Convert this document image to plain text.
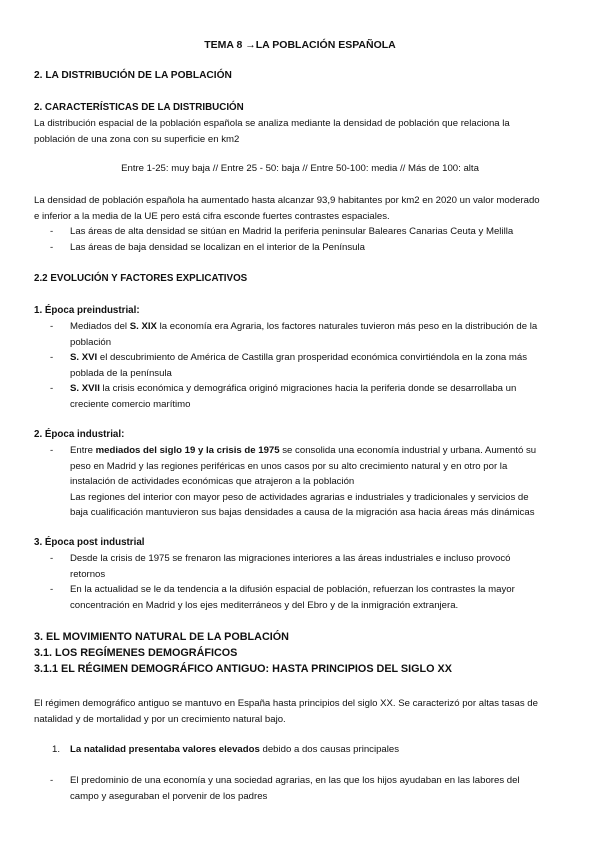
TEMA 8 →LA POBLACIÓN ESPAÑOLA
2. LA DISTRIBUCIÓN DE LA POBLACIÓN
2. CARACTERÍSTICAS DE LA DISTRIBUCIÓN
La distribución espacial de la población española se analiza mediante la densidad de población que relaciona la
población de una zona con su superficie en km2
Entre 1-25: muy baja // Entre 25 - 50: baja // Entre 50-100: media // Más de 100: alta
La densidad de población española ha aumentado hasta alcanzar 93,9 habitantes por km2 en 2020 un valor moderado
e inferior a la media de la UE pero está cifra esconde fuertes contrastes espaciales.
- Las áreas de alta densidad se sitúan en Madrid la periferia peninsular Baleares Canarias Ceuta y Melilla
- Las áreas de baja densidad se localizan en el interior de la Península
2.2 EVOLUCIÓN Y FACTORES EXPLICATIVOS
1. Época preindustrial:
- Mediados del S. XIX la economía era Agraria, los factores naturales tuvieron más peso en la distribución de la
población
- S. XVI el descubrimiento de América de Castilla gran prosperidad económica convirtiéndola en la zona más
poblada de la península
- S. XVII la crisis económica y demográfica originó migraciones hacia la periferia donde se desarrollaba un
creciente comercio marítimo
2. Época industrial:
- Entre mediados del siglo 19 y la crisis de 1975 se consolida una economía industrial y urbana. Aumentó su
peso en Madrid y las regiones periféricas en unos casos por su alto crecimiento natural y en otro por la
instalación de actividades económicas que atrajeron a la población
Las regiones del interior con mayor peso de actividades agrarias e industriales y tradicionales y servicios de
baja cualificación mantuvieron sus bajas densidades a causa de la migración asa hacia áreas más dinámicas
3. Época post industrial
- Desde la crisis de 1975 se frenaron las migraciones interiores a las áreas industriales e incluso provocó
retornos
- En la actualidad se le da tendencia a la difusión espacial de población, refuerzan los contrastes la mayor
concentración en Madrid y los ejes mediterráneos y del Ebro y de la inmigración extranjera.
3. EL MOVIMIENTO NATURAL DE LA POBLACIÓN
3.1. LOS REGÍMENES DEMOGRÁFICOS
3.1.1 EL RÉGIMEN DEMOGRÁFICO ANTIGUO: HASTA PRINCIPIOS DEL SIGLO XX
El régimen demográfico antiguo se mantuvo en España hasta principios del siglo XX. Se caracterizó por altas tasas de
natalidad y de mortalidad y por un crecimiento natural bajo.
1. La natalidad presentaba valores elevados debido a dos causas principales
- El predominio de una economía y una sociedad agrarias, en las que los hijos ayudaban en las labores del
campo y aseguraban el porvenir de los padres
